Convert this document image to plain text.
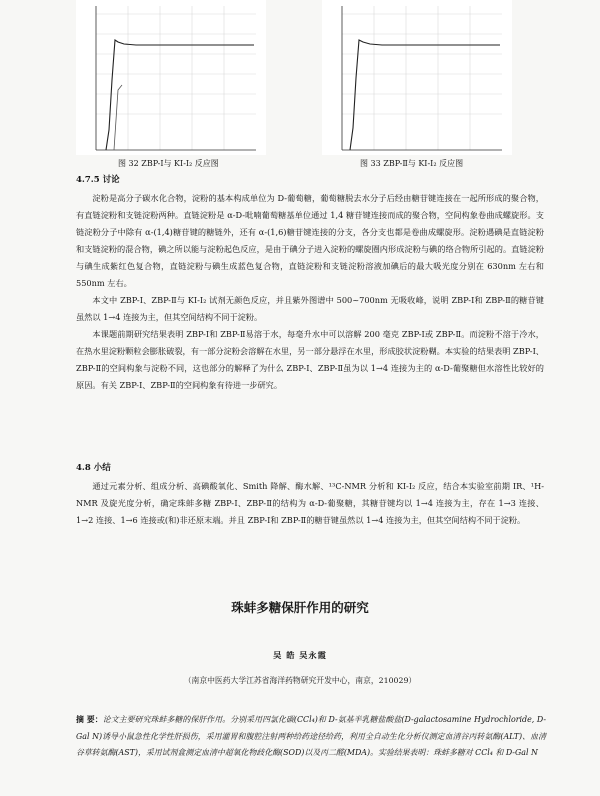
图 32 ZBP-Ⅰ与 KI-I₂ 反应图	图 33 ZBP-Ⅱ与 KI-I₂ 反应图
4.7.5 讨论

淀粉是高分子碳水化合物，淀粉的基本构成单位为 D-葡萄糖，葡萄糖脱去水分子后经由糖苷键连接在一起所形成的聚合物，有直链淀粉和支链淀粉两种。直链淀粉是 α-D-吡喃葡萄糖基单位通过 1,4 糖苷键连接而成的聚合物，空间构象卷曲成螺旋形。支链淀粉分子中除有 α-(1,4)糖苷键的糖链外，还有 α-(1,6)糖苷键连接的分支，各分支也都是卷曲成螺旋形。淀粉遇碘是直链淀粉和支链淀粉的混合物，碘之所以能与淀粉起色反应，是由于碘分子进入淀粉的螺旋圈内形成淀粉与碘的络合物所引起的。直链淀粉与碘生成紫红色复合物，直链淀粉与碘生成蓝色复合物，直链淀粉和支链淀粉溶液加碘后的最大吸光度分别在 630nm 左右和 550nm 左右。

本文中 ZBP-Ⅰ、ZBP-Ⅱ与 KI-I₂ 试剂无颜色反应，并且紫外图谱中 500~700nm 无吸收峰，说明 ZBP-Ⅰ和 ZBP-Ⅱ的糖苷键虽然以 1→4 连接为主，但其空间结构不同于淀粉。

本课题前期研究结果表明 ZBP-Ⅰ和 ZBP-Ⅱ易溶于水，每毫升水中可以溶解 200 毫克 ZBP-Ⅰ或 ZBP-Ⅱ。而淀粉不溶于冷水，在热水里淀粉颗粒会膨胀破裂，有一部分淀粉会溶解在水里，另一部分悬浮在水里，形成胶状淀粉糊。本实验的结果表明 ZBP-Ⅰ、ZBP-Ⅱ的空间构象与淀粉不同，这也部分的解释了为什么 ZBP-Ⅰ、ZBP-Ⅱ虽为以 1→4 连接为主的 α-D-葡聚糖但水溶性比较好的原因。有关 ZBP-Ⅰ、ZBP-Ⅱ的空间构象有待进一步研究。

4.8 小结

通过元素分析、组成分析、高碘酸氧化、Smith 降解、酶水解、¹³C-NMR 分析和 KI-I₂ 反应，结合本实验室前期 IR、¹H-NMR 及旋光度分析，确定珠蚌多糖 ZBP-Ⅰ、ZBP-Ⅱ的结构为 α-D-葡聚糖，其糖苷键均以 1→4 连接为主，存在 1→3 连接、1→2 连接、1→6 连接或(和)非还原末端。并且 ZBP-Ⅰ和 ZBP-Ⅱ的糖苷键虽然以 1→4 连接为主，但其空间结构不同于淀粉。

珠蚌多糖保肝作用的研究
吴 皓 吴永霞
（南京中医药大学江苏省海洋药物研究开发中心，南京，210029）
摘 要：论文主要研究珠蚌多糖的保肝作用。分别采用四氯化碳(CCl₄)和 D-氨基半乳糖盐酸盐(D-galactosamine Hydrochloride, D-Gal N)诱导小鼠急性化学性肝损伤，采用灌胃和腹腔注射两种给药途径给药，利用全自动生化分析仪测定血清谷丙转氨酶(ALT)、血清谷草转氨酶(AST)，采用试剂盒测定血清中超氧化物歧化酶(SOD)以及丙二醛(MDA)。实验结果表明：珠蚌多糖对 CCl₄ 和 D-Gal N
